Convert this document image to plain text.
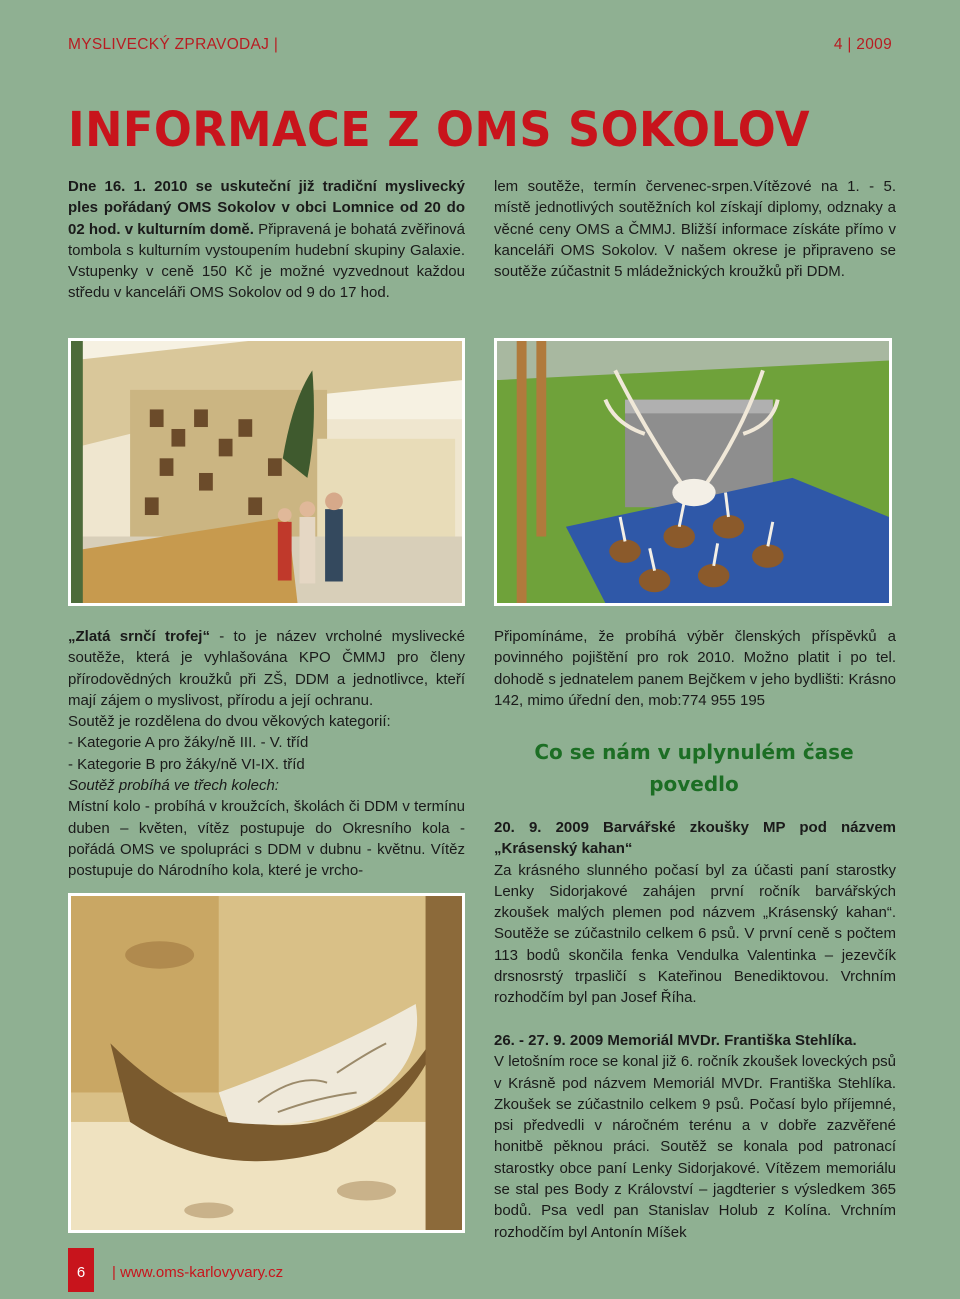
MYSLIVECKÝ ZPRAVODAJ |	4 | 2009
INFORMACE Z OMS SOKOLOV

Dne 16. 1. 2010 se uskuteční již tradiční myslivecký ples pořádaný OMS Sokolov v obci Lomnice od 20 do 02 hod. v kulturním domě. Připravená je bohatá zvěřinová tombola s kulturním vystoupením hudební skupiny Galaxie. Vstupenky v ceně 150 Kč je možné vyzvednout každou středu v kanceláři OMS Sokolov od 9 do 17 hod.

lem soutěže, termín červenec-srpen.Vítězové na 1. - 5. místě jednotlivých soutěžních kol získají diplomy, odznaky a věcné ceny OMS a ČMMJ. Bližší informace získáte přímo v kanceláři OMS Sokolov. V našem okrese je připraveno se soutěže zúčastnit 5 mládežnických kroužků při DDM.

„Zlatá srnčí trofej“ - to je název vrcholné myslivecké soutěže, která je vyhlašována KPO ČMMJ pro členy přírodovědných kroužků při ZŠ, DDM a jednotlivce, kteří mají zájem o myslivost, přírodu a její ochranu.

Soutěž je rozdělena do dvou věkových kategorií:

- Kategorie A pro žáky/ně III. - V. tříd

- Kategorie B pro žáky/ně VI-IX. tříd

Soutěž probíhá ve třech kolech:

Místní kolo - probíhá v kroužcích, školách či DDM v termínu duben – květen, vítěz postupuje do Okresního kola - pořádá OMS ve spolupráci s DDM v dubnu - květnu. Vítěz postupuje do Národního kola, které je vrcho-

Připomínáme, že probíhá výběr členských příspěvků a povinného pojištění pro rok 2010. Možno platit i po tel. dohodě s jednatelem panem Bejčkem v jeho bydlišti: Krásno 142, mimo úřední den, mob:774 955 195

Co se nám v uplynulém čase povedlo

20. 9. 2009 Barvářské zkoušky MP pod názvem „Krásenský kahan“

Za krásného slunného počasí byl za účasti paní starostky Lenky Sidorjakové zahájen první ročník barvářských zkoušek malých plemen pod názvem „Krásenský kahan“. Soutěže se zúčastnilo celkem 6 psů. V první ceně s počtem 113 bodů skončila fenka Vendulka Valentinka – jezevčík drsnosrstý trpasličí s Kateřinou Benediktovou. Vrchním rozhodčím byl pan Josef Říha.

26. - 27. 9. 2009 Memoriál MVDr. Františka Stehlíka.

V letošním roce se konal již 6. ročník zkoušek loveckých psů v Krásně pod názvem Memoriál MVDr. Františka Stehlíka. Zkoušek se zúčastnilo celkem 9 psů. Počasí bylo příjemné, psi předvedli v náročném terénu a v dobře zazvěřené honitbě pěknou práci. Soutěž se konala pod patronací starostky obce paní Lenky Sidorjakové. Vítězem memoriálu se stal pes Body z Království – jagdterier s výsledkem 365 bodů. Psa vedl pan Stanislav Holub z Kolína. Vrchním rozhodčím byl Antonín Míšek

6	| www.oms-karlovyvary.cz
